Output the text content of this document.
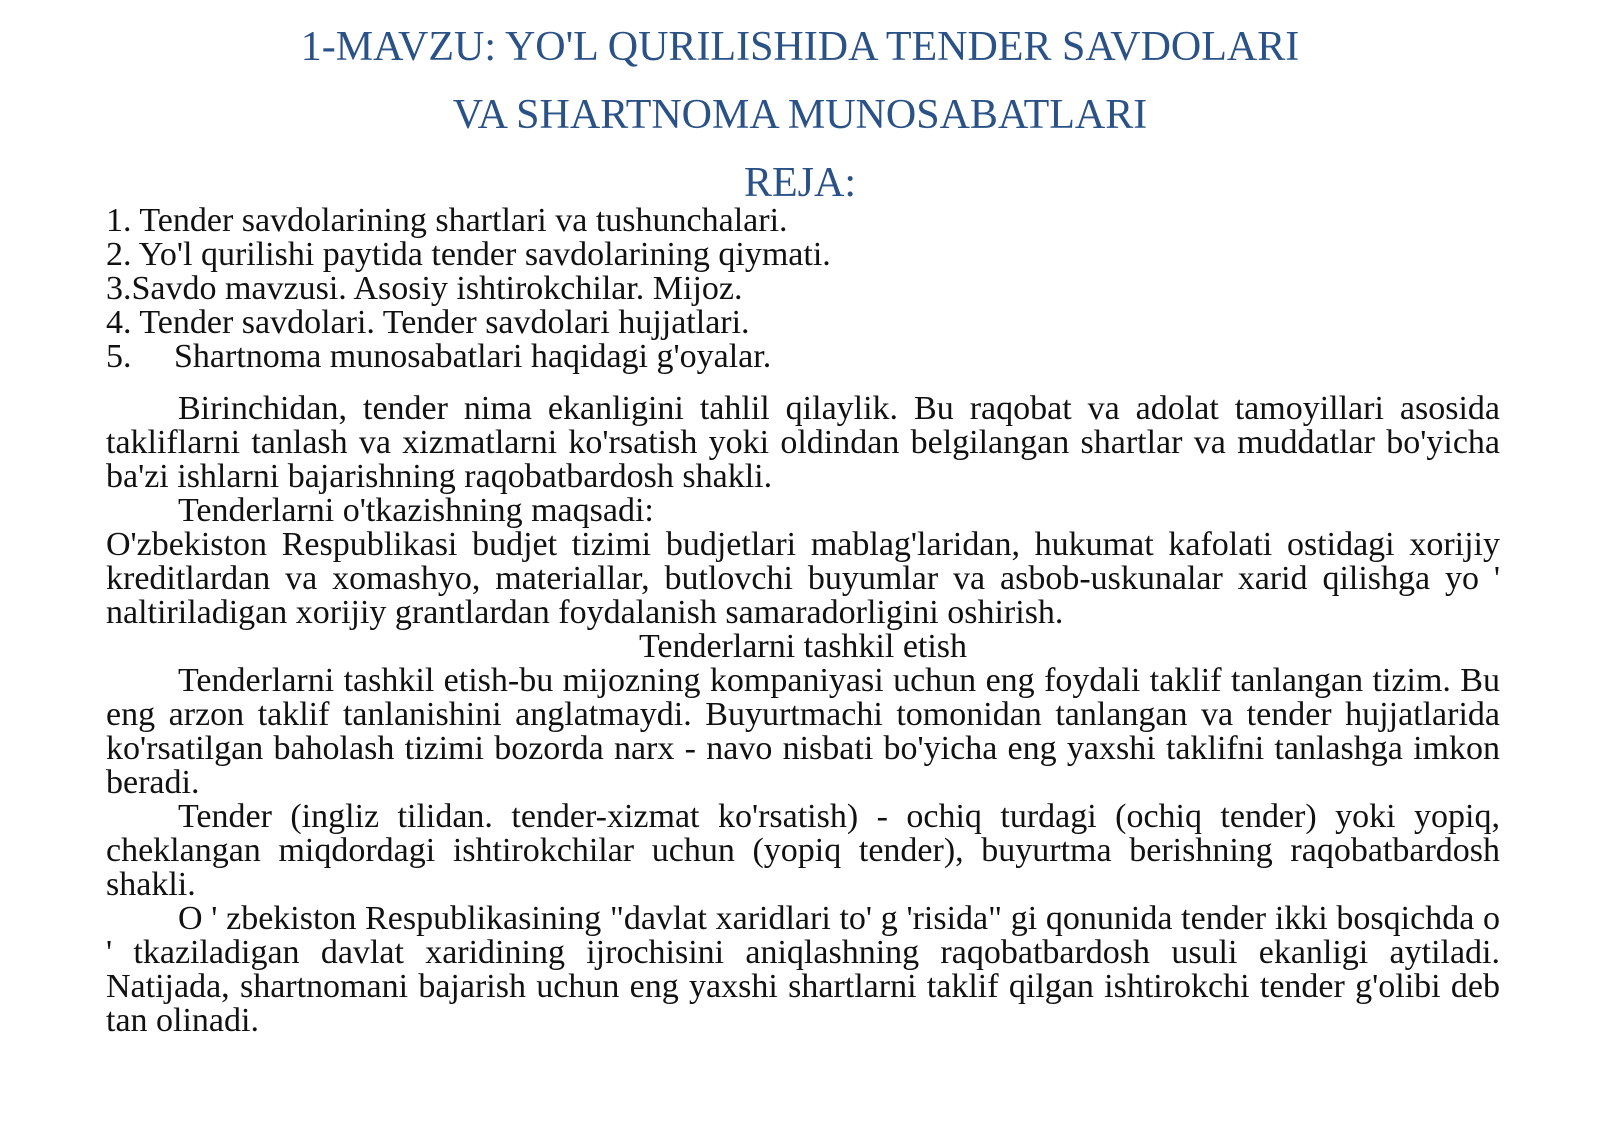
1-MAVZU: YO'L QURILISHIDA TENDER SAVDOLARI
VA SHARTNOMA MUNOSABATLARI
REJA:
1. Tender savdolarining shartlari va tushunchalari.
2. Yo'l qurilishi paytida tender savdolarining qiymati.
3.Savdo mavzusi. Asosiy ishtirokchilar. Mijoz.
4. Tender savdolari. Tender savdolari hujjatlari.
5. Shartnoma munosabatlari haqidagi g'oyalar.

Birinchidan, tender nima ekanligini tahlil qilaylik. Bu raqobat va adolat tamoyillari asosida takliflarni tanlash va xizmatlarni ko'rsatish yoki oldindan belgilangan shartlar va muddatlar bo'yicha ba'zi ishlarni bajarishning raqobatbardosh shakli.

Tenderlarni o'tkazishning maqsadi:

O'zbekiston Respublikasi budjet tizimi budjetlari mablag'laridan, hukumat kafolati ostidagi xorijiy kreditlardan va xomashyo, materiallar, butlovchi buyumlar va asbob-uskunalar xarid qilishga yo ' naltiriladigan xorijiy grantlardan foydalanish samaradorligini oshirish.

Tenderlarni tashkil etish

Tenderlarni tashkil etish-bu mijozning kompaniyasi uchun eng foydali taklif tanlangan tizim. Bu eng arzon taklif tanlanishini anglatmaydi. Buyurtmachi tomonidan tanlangan va tender hujjatlarida ko'rsatilgan baholash tizimi bozorda narx - navo nisbati bo'yicha eng yaxshi taklifni tanlashga imkon beradi.

Tender (ingliz tilidan. tender-xizmat ko'rsatish) - ochiq turdagi (ochiq tender) yoki yopiq, cheklangan miqdordagi ishtirokchilar uchun (yopiq tender), buyurtma berishning raqobatbardosh shakli.

O ' zbekiston Respublikasining "davlat xaridlari to' g 'risida" gi qonunida tender ikki bosqichda o ' tkaziladigan davlat xaridining ijrochisini aniqlashning raqobatbardosh usuli ekanligi aytiladi. Natijada, shartnomani bajarish uchun eng yaxshi shartlarni taklif qilgan ishtirokchi tender g'olibi deb tan olinadi.
